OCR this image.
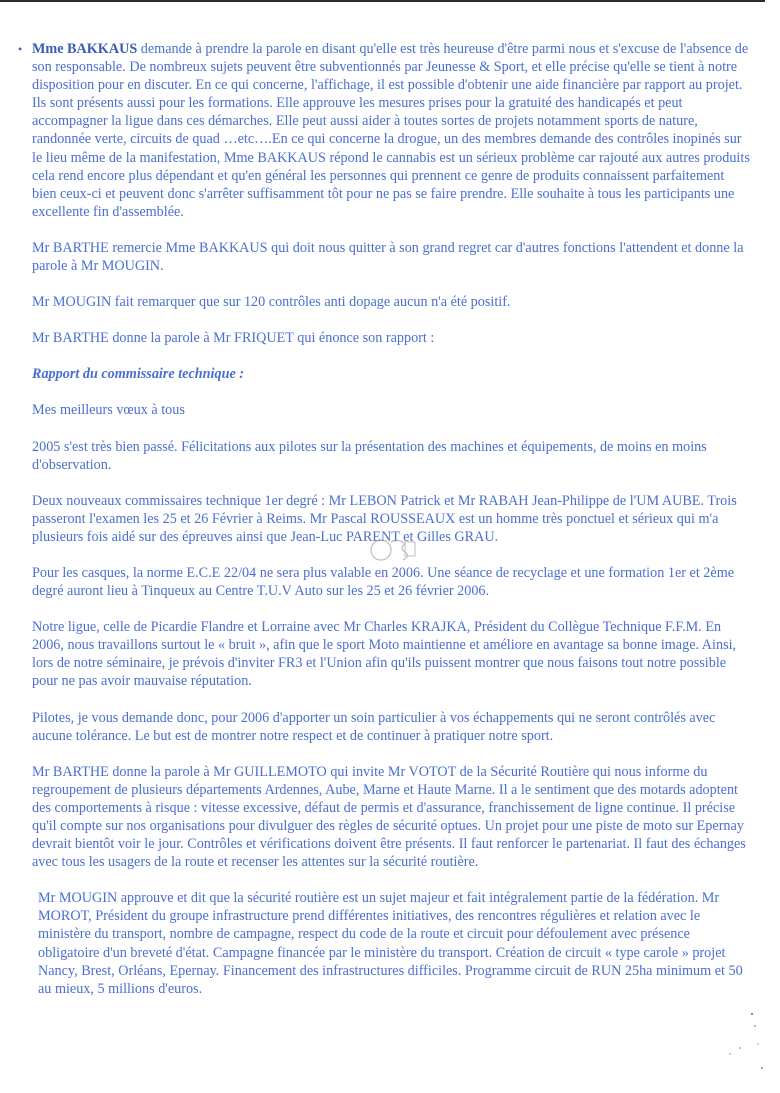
• Mme BAKKAUS demande à prendre la parole en disant qu'elle est très heureuse d'être parmi nous et s'excuse de l'absence de son responsable. De nombreux sujets peuvent être subventionnés par Jeunesse & Sport, et elle précise qu'elle se tient à notre disposition pour en discuter. En ce qui concerne, l'affichage, il est possible d'obtenir une aide financière par rapport au projet. Ils sont présents aussi pour les formations. Elle approuve les mesures prises pour la gratuité des handicapés et peut accompagner la ligue dans ces démarches. Elle peut aussi aider à toutes sortes de projets notamment sports de nature, randonnée verte, circuits de quad …etc….En ce qui concerne la drogue, un des membres demande des contrôles inopinés sur le lieu même de la manifestation, Mme BAKKAUS répond le cannabis est un sérieux problème car rajouté aux autres produits cela rend encore plus dépendant et qu'en général les personnes qui prennent ce genre de produits connaissent parfaitement bien ceux-ci et peuvent donc s'arrêter suffisamment tôt pour ne pas se faire prendre. Elle souhaite à tous les participants une excellente fin d'assemblée.

Mr BARTHE remercie Mme BAKKAUS qui doit nous quitter à son grand regret car d'autres fonctions l'attendent et donne la parole à Mr MOUGIN.

Mr MOUGIN fait remarquer que sur 120 contrôles anti dopage aucun n'a été positif.

Mr BARTHE donne la parole à Mr FRIQUET qui énonce son rapport :

Rapport du commissaire technique :

Mes meilleurs vœux à tous

2005 s'est très bien passé. Félicitations aux pilotes sur la présentation des machines et équipements, de moins en moins d'observation.

Deux nouveaux commissaires technique 1er degré : Mr LEBON Patrick et Mr RABAH Jean-Philippe de l'UM AUBE. Trois passeront l'examen les 25 et 26 Février à Reims. Mr Pascal ROUSSEAUX est un homme très ponctuel et sérieux qui m'a plusieurs fois aidé sur des épreuves ainsi que Jean-Luc PARENT et Gilles GRAU.

Pour les casques, la norme E.C.E 22/04 ne sera plus valable en 2006. Une séance de recyclage et une formation 1er et 2ème degré auront lieu à Tinqueux au Centre T.U.V Auto sur les 25 et 26 février 2006.

Notre ligue, celle de Picardie Flandre et Lorraine avec Mr Charles KRAJKA, Président du Collègue Technique F.F.M. En 2006, nous travaillons surtout le « bruit », afin que le sport Moto maintienne et améliore en avantage sa bonne image. Ainsi, lors de notre séminaire, je prévois d'inviter FR3 et l'Union afin qu'ils puissent montrer que nous faisons tout notre possible pour ne pas avoir mauvaise réputation.

Pilotes, je vous demande donc, pour 2006 d'apporter un soin particulier à vos échappements qui ne seront contrôlés avec aucune tolérance. Le but est de montrer notre respect et de continuer à pratiquer notre sport.

Mr BARTHE donne la parole à Mr GUILLEMOTO qui invite Mr VOTOT de la Sécurité Routière qui nous informe du regroupement de plusieurs départements Ardennes, Aube, Marne et Haute Marne. Il a le sentiment que des motards adoptent des comportements à risque : vitesse excessive, défaut de permis et d'assurance, franchissement de ligne continue. Il précise qu'il compte sur nos organisations pour divulguer des règles de sécurité optues. Un projet pour une piste de moto sur Epernay devrait bientôt voir le jour. Contrôles et vérifications doivent être présents. Il faut renforcer le partenariat. Il faut des échanges avec tous les usagers de la route et recenser les attentes sur la sécurité routière.

Mr MOUGIN approuve et dit que la sécurité routière est un sujet majeur et fait intégralement partie de la fédération. Mr MOROT, Président du groupe infrastructure prend différentes initiatives, des rencontres régulières et relation avec le ministère du transport, nombre de campagne, respect du code de la route et circuit pour défoulement avec présence obligatoire d'un breveté d'état. Campagne financée par le ministère du transport. Création de circuit « type carole » projet Nancy, Brest, Orléans, Epernay. Financement des infrastructures difficiles. Programme circuit de RUN 25ha minimum et 50 au mieux, 5 millions d'euros.
